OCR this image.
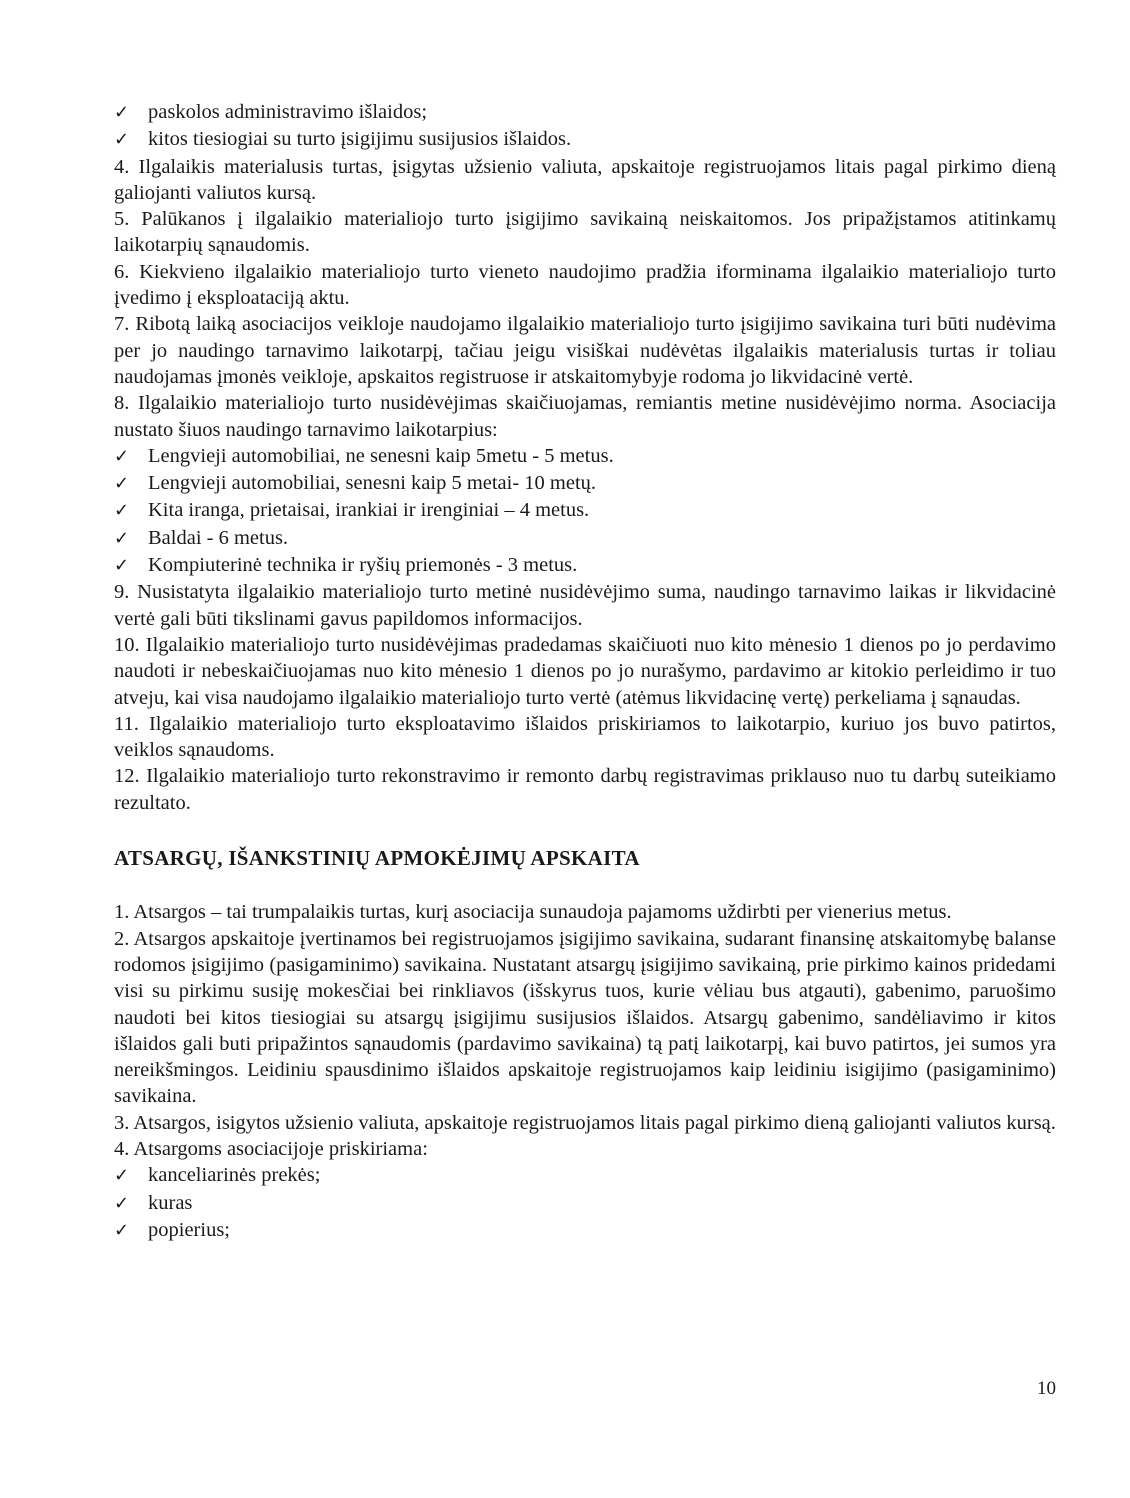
✓ paskolos administravimo išlaidos;
✓ kitos tiesiogiai su turto įsigijimu susijusios išlaidos.
4. Ilgalaikis materialusis turtas, įsigytas užsienio valiuta, apskaitoje registruojamos litais pagal pirkimo dieną galiojanti valiutos kursą.
5. Palūkanos į ilgalaikio materialiojo turto įsigijimo savikainą neiskaitomos. Jos pripažįstamos atitinkamų laikotarpių sąnaudomis.
6. Kiekvieno ilgalaikio materialiojo turto vieneto naudojimo pradžia iforminama ilgalaikio materialiojo turto įvedimo į eksploataciją aktu.
7. Ribotą laiką asociacijos veikloje naudojamo ilgalaikio materialiojo turto įsigijimo savikaina turi būti nudėvima per jo naudingo tarnavimo laikotarpį, tačiau jeigu visiškai nudėvėtas ilgalaikis materialusis turtas ir toliau naudojamas įmonės veikloje, apskaitos registruose ir atskaitomybyje rodoma jo likvidacinė vertė.
8. Ilgalaikio materialiojo turto nusidėvėjimas skaičiuojamas, remiantis metine nusidėvėjimo norma. Asociacija nustato šiuos naudingo tarnavimo laikotarpius:
✓ Lengvieji automobiliai, ne senesni kaip 5metu - 5 metus.
✓ Lengvieji automobiliai, senesni kaip 5 metai- 10 metų.
✓ Kita iranga, prietaisai, irankiai ir irenginiai – 4 metus.
✓ Baldai - 6 metus.
✓ Kompiuterinė technika ir ryšių priemonės - 3 metus.
9. Nusistatyta ilgalaikio materialiojo turto metinė nusidėvėjimo suma, naudingo tarnavimo laikas ir likvidacinė vertė gali būti tikslinami gavus papildomos informacijos.
10. Ilgalaikio materialiojo turto nusidėvėjimas pradedamas skaičiuoti nuo kito mėnesio 1 dienos po jo perdavimo naudoti ir nebeskaičiuojamas nuo kito mėnesio 1 dienos po jo nurašymo, pardavimo ar kitokio perleidimo ir tuo atveju, kai visa naudojamo ilgalaikio materialiojo turto vertė (atėmus likvidacinę vertę) perkeliama į sąnaudas.
11. Ilgalaikio materialiojo turto eksploatavimo išlaidos priskiriamos to laikotarpio, kuriuo jos buvo patirtos, veiklos sąnaudoms.
12. Ilgalaikio materialiojo turto rekonstravimo ir remonto darbų registravimas priklauso nuo tu darbų suteikiamo rezultato.
ATSARGŲ, IŠANKSTINIŲ APMOKĖJIMŲ APSKAITA
1. Atsargos – tai trumpalaikis turtas, kurį asociacija sunaudoja pajamoms uždirbti per vienerius metus.
2. Atsargos apskaitoje įvertinamos bei registruojamos įsigijimo savikaina, sudarant finansinę atskaitomybę balanse rodomos įsigijimo (pasigaminimo) savikaina. Nustatant atsargų įsigijimo savikainą, prie pirkimo kainos pridedami visi su pirkimu susiję mokesčiai bei rinkliavos (išskyrus tuos, kurie vėliau bus atgauti), gabenimo, paruošimo naudoti bei kitos tiesiogiai su atsargų įsigijimu susijusios išlaidos. Atsargų gabenimo, sandėliavimo ir kitos išlaidos gali buti pripažintos sąnaudomis (pardavimo savikaina) tą patį laikotarpį, kai buvo patirtos, jei sumos yra nereikšmingos. Leidiniu spausdinimo išlaidos apskaitoje registruojamos kaip leidiniu isigijimo (pasigaminimo) savikaina.
3. Atsargos, isigytos užsienio valiuta, apskaitoje registruojamos litais pagal pirkimo dieną galiojanti valiutos kursą.
4. Atsargoms asociacijoje priskiriama:
✓ kanceliarinės prekės;
✓ kuras
✓ popierius;
10
